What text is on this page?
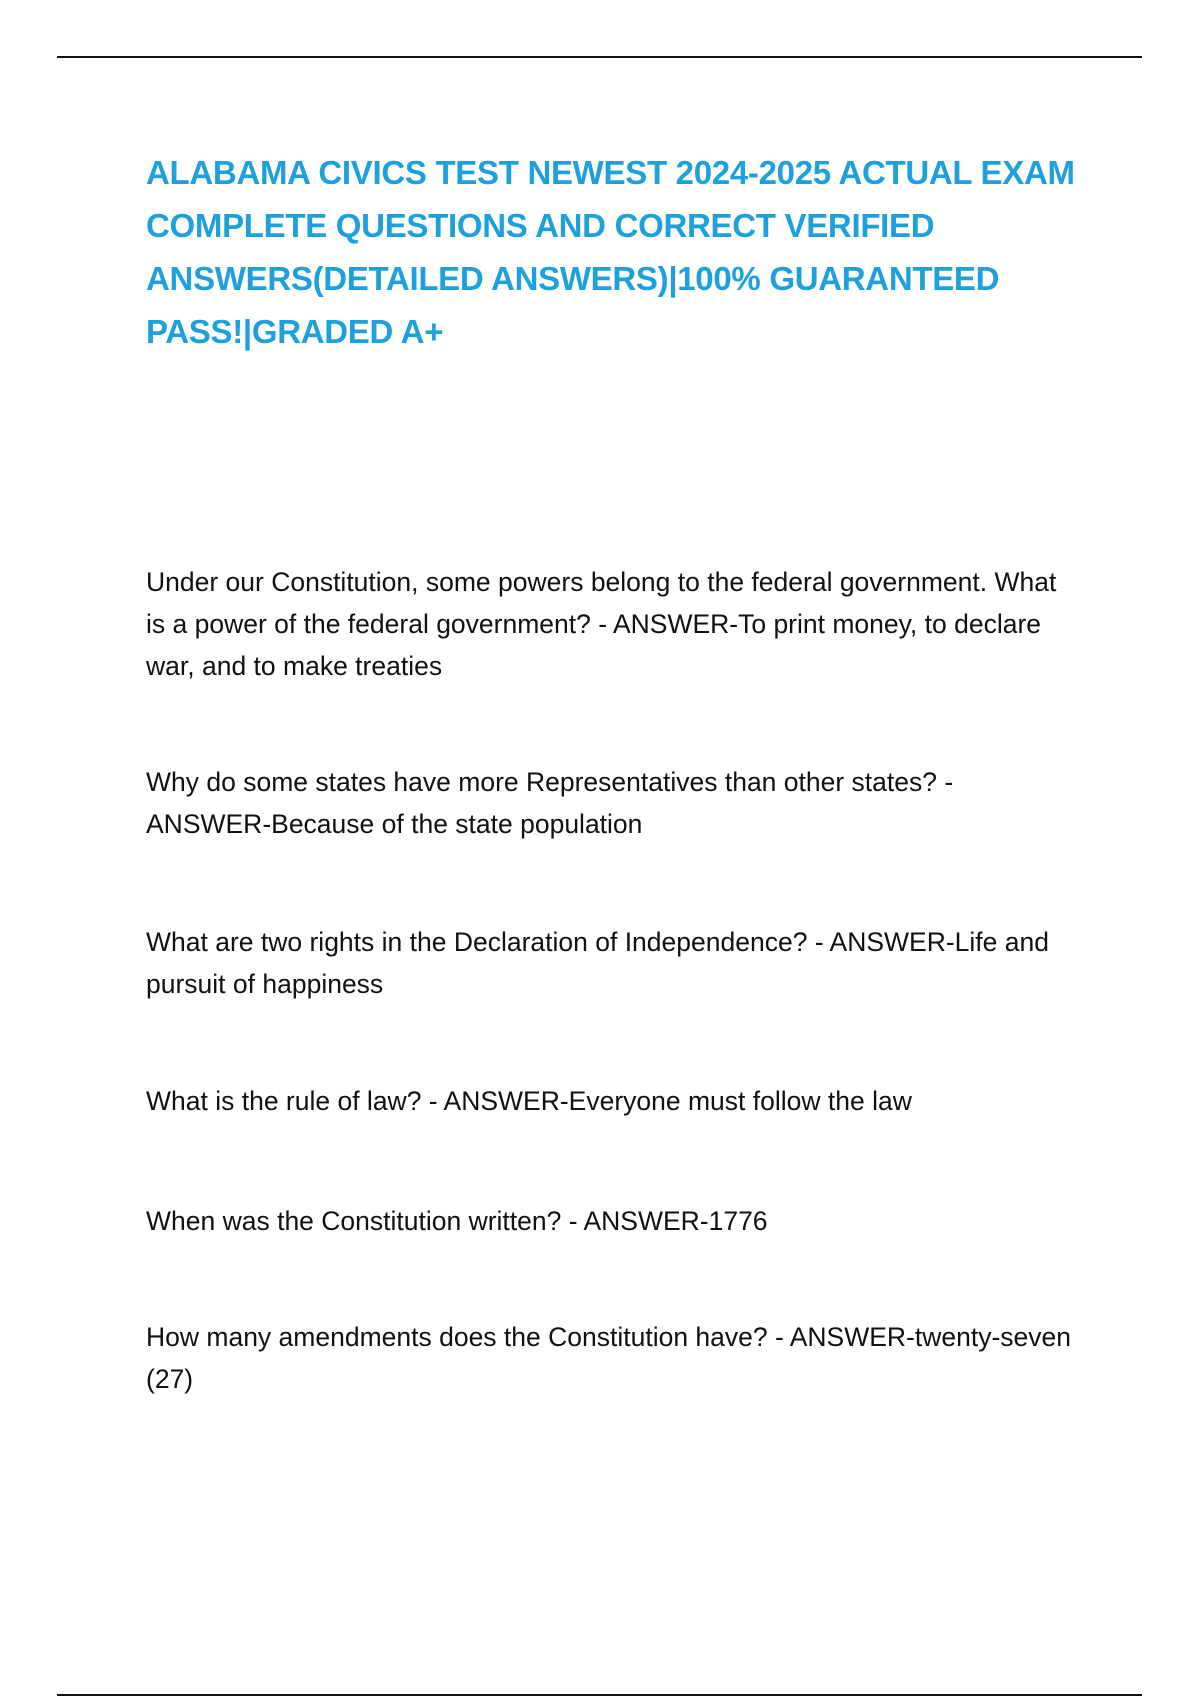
ALABAMA CIVICS TEST NEWEST 2024-2025 ACTUAL EXAM COMPLETE QUESTIONS AND CORRECT VERIFIED ANSWERS(DETAILED ANSWERS)|100% GUARANTEED PASS!|GRADED A+

Under our Constitution, some powers belong to the federal government. What is a power of the federal government? - ANSWER-To print money, to declare war, and to make treaties

Why do some states have more Representatives than other states? - ANSWER-Because of the state population

What are two rights in the Declaration of Independence? - ANSWER-Life and pursuit of happiness

What is the rule of law? - ANSWER-Everyone must follow the law

When was the Constitution written? - ANSWER-1776

How many amendments does the Constitution have? - ANSWER-twenty-seven (27)
